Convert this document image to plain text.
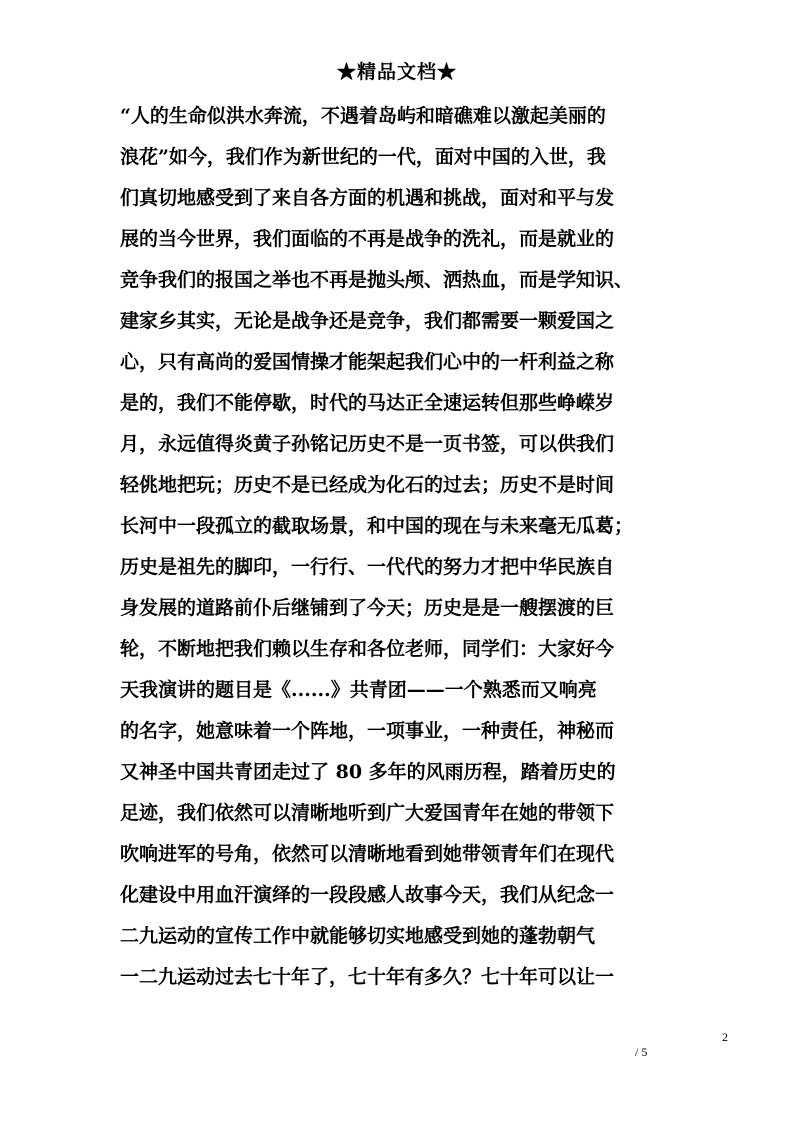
★精品文档★
“人的生命似洪水奔流，不遇着岛屿和暗礁难以激起美丽的
浪花”如今，我们作为新世纪的一代，面对中国的入世，我
们真切地感受到了来自各方面的机遇和挑战，面对和平与发
展的当今世界，我们面临的不再是战争的洗礼，而是就业的
竞争我们的报国之举也不再是抛头颅、洒热血，而是学知识、
建家乡其实，无论是战争还是竞争，我们都需要一颗爱国之
心，只有高尚的爱国情操才能架起我们心中的一杆利益之称
是的，我们不能停歇，时代的马达正全速运转但那些峥嵘岁
月，永远值得炎黄子孙铭记历史不是一页书签，可以供我们
轻佻地把玩；历史不是已经成为化石的过去；历史不是时间
长河中一段孤立的截取场景，和中国的现在与未来毫无瓜葛；
历史是祖先的脚印，一行行、一代代的努力才把中华民族自
身发展的道路前仆后继铺到了今天；历史是是一艘摆渡的巨
轮，不断地把我们赖以生存和各位老师，同学们：大家好今
天我演讲的题目是《......》共青团——一个熟悉而又响亮
的名字，她意味着一个阵地，一项事业，一种责任，神秘而
又神圣中国共青团走过了 80 多年的风雨历程，踏着历史的
足迹，我们依然可以清晰地听到广大爱国青年在她的带领下
吹响进军的号角，依然可以清晰地看到她带领青年们在现代
化建设中用血汗演绎的一段段感人故事今天，我们从纪念一
二九运动的宣传工作中就能够切实地感受到她的蓬勃朝气
一二九运动过去七十年了，七十年有多久？七十年可以让一
2
/ 5
